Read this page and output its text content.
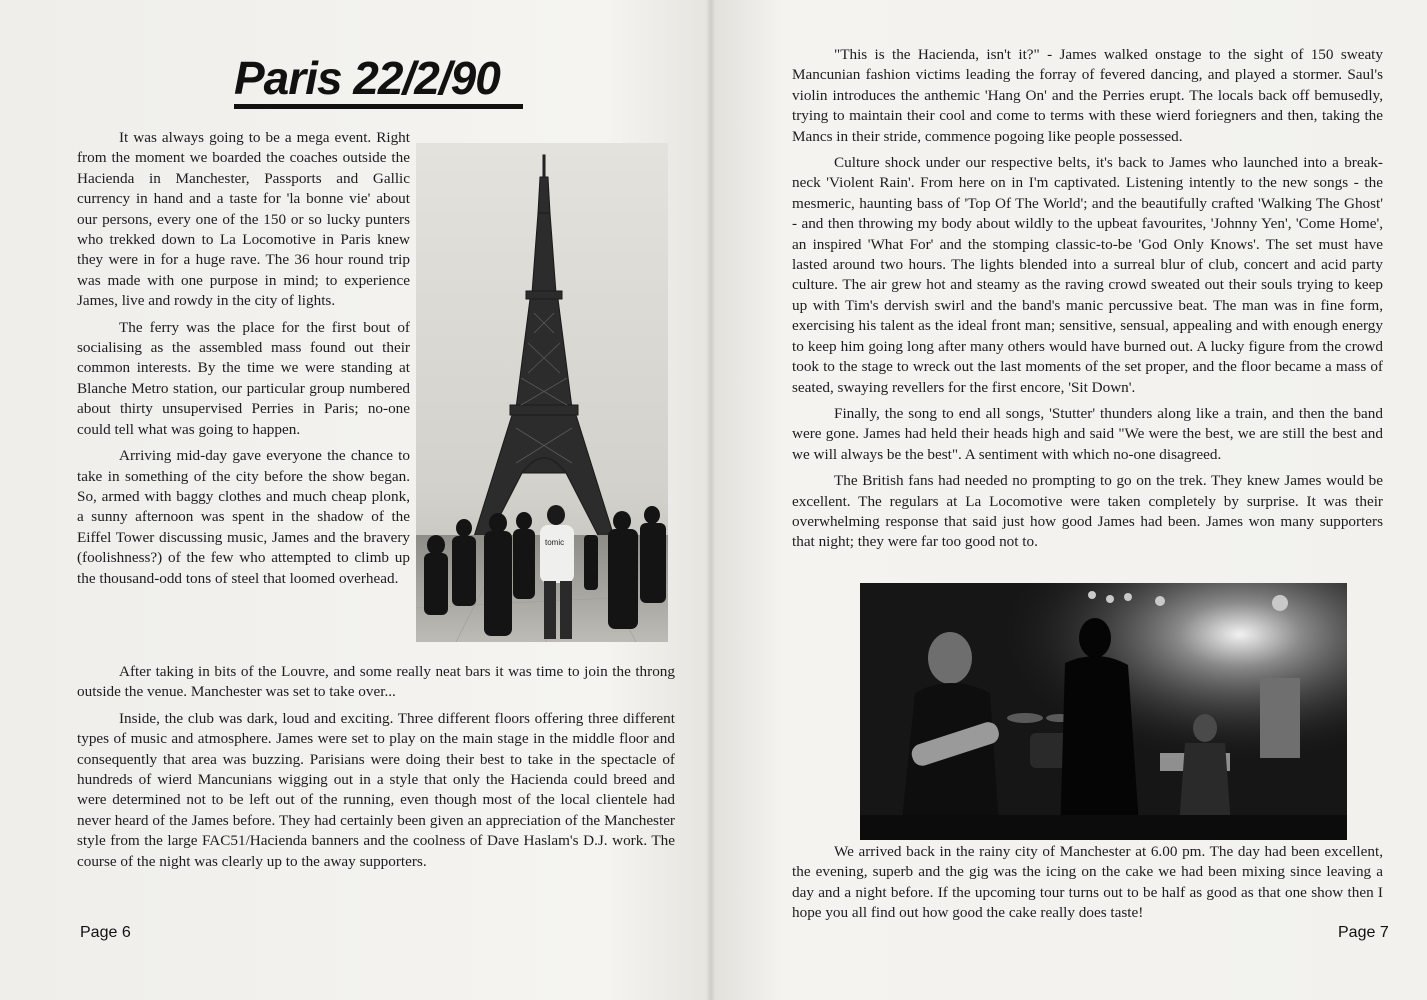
Paris 22/2/90

It was always going to be a mega event. Right from the moment we boarded the coaches outside the Hacienda in Manchester, Passports and Gallic currency in hand and a taste for 'la bonne vie' about our persons, every one of the 150 or so lucky punters who trekked down to La Locomotive in Paris knew they were in for a huge rave. The 36 hour round trip was made with one purpose in mind; to experience James, live and rowdy in the city of lights.

The ferry was the place for the first bout of socialising as the assembled mass found out their common interests. By the time we were standing at Blanche Metro station, our particular group numbered about thirty unsupervised Perries in Paris; no-one could tell what was going to happen.

Arriving mid-day gave everyone the chance to take in something of the city before the show began. So, armed with baggy clothes and much cheap plonk, a sunny afternoon was spent in the shadow of the Eiffel Tower discussing music, James and the bravery (foolishness?) of the few who attempted to climb up the thousand-odd tons of steel that loomed overhead.

tomic

After taking in bits of the Louvre, and some really neat bars it was time to join the throng outside the venue. Manchester was set to take over...

Inside, the club was dark, loud and exciting. Three different floors offering three different types of music and atmosphere. James were set to play on the main stage in the middle floor and consequently that area was buzzing. Parisians were doing their best to take in the spectacle of hundreds of wierd Mancunians wigging out in a style that only the Hacienda could breed and were determined not to be left out of the running, even though most of the local clientele had never heard of the James before. They had certainly been given an appreciation of the Manchester style from the large FAC51/Hacienda banners and the coolness of Dave Haslam's D.J. work. The course of the night was clearly up to the away supporters.

Page 6

"This is the Hacienda, isn't it?" - James walked onstage to the sight of 150 sweaty Mancunian fashion victims leading the forray of fevered dancing, and played a stormer. Saul's violin introduces the anthemic 'Hang On' and the Perries erupt. The locals back off bemusedly, trying to maintain their cool and come to terms with these wierd foriegners and then, taking the Mancs in their stride, commence pogoing like people possessed.

Culture shock under our respective belts, it's back to James who launched into a break-neck 'Violent Rain'. From here on in I'm captivated. Listening intently to the new songs - the mesmeric, haunting bass of 'Top Of The World'; and the beautifully crafted 'Walking The Ghost' - and then throwing my body about wildly to the upbeat favourites, 'Johnny Yen', 'Come Home', an inspired 'What For' and the stomping classic-to-be 'God Only Knows'. The set must have lasted around two hours. The lights blended into a surreal blur of club, concert and acid party culture. The air grew hot and steamy as the raving crowd sweated out their souls trying to keep up with Tim's dervish swirl and the band's manic percussive beat. The man was in fine form, exercising his talent as the ideal front man; sensitive, sensual, appealing and with enough energy to keep him going long after many others would have burned out. A lucky figure from the crowd took to the stage to wreck out the last moments of the set proper, and the floor became a mass of seated, swaying revellers for the first encore, 'Sit Down'.

Finally, the song to end all songs, 'Stutter' thunders along like a train, and then the band were gone. James had held their heads high and said "We were the best, we are still the best and we will always be the best". A sentiment with which no-one disagreed.

The British fans had needed no prompting to go on the trek. They knew James would be excellent. The regulars at La Locomotive were taken completely by surprise. It was their overwhelming response that said just how good James had been. James won many supporters that night; they were far too good not to.

We arrived back in the rainy city of Manchester at 6.00 pm. The day had been excellent, the evening, superb and the gig was the icing on the cake we had been mixing since leaving a day and a night before. If the upcoming tour turns out to be half as good as that one show then I hope you all find out how good the cake really does taste!

Page 7
